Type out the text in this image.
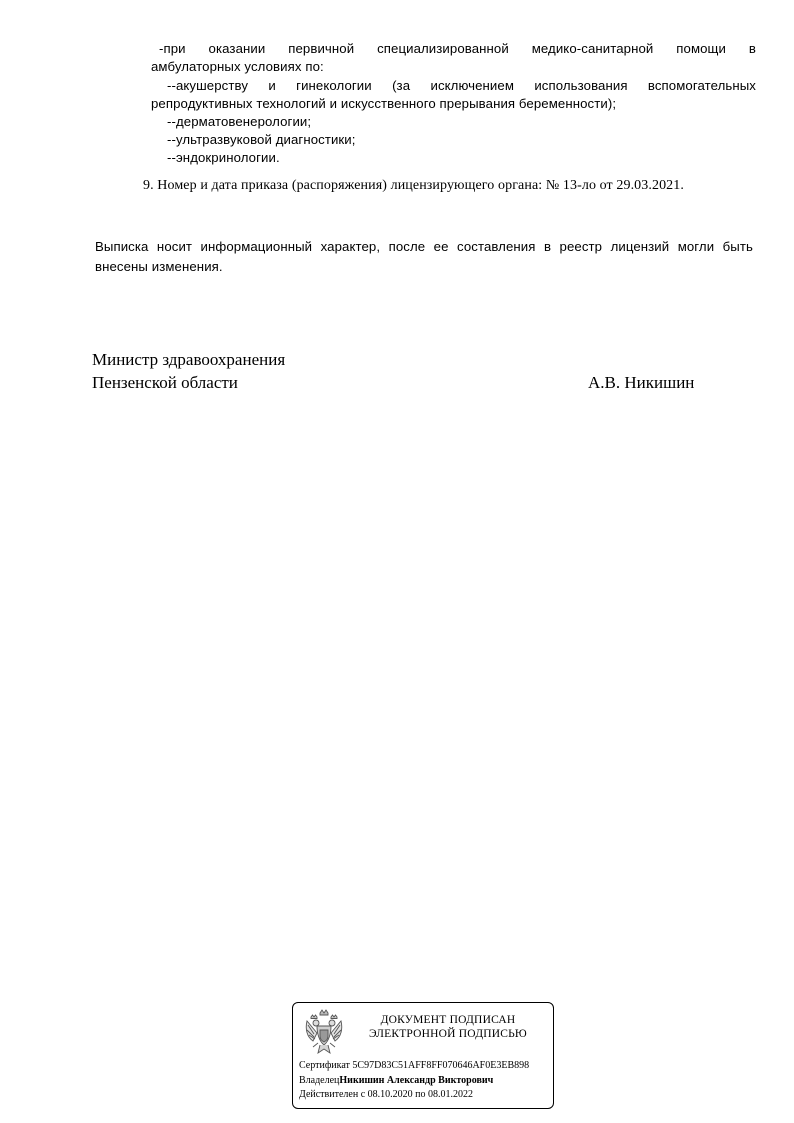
-при оказании первичной специализированной медико-санитарной помощи в
амбулаторных условиях по:
--акушерству и гинекологии (за исключением использования вспомогательных
репродуктивных технологий и искусственного прерывания беременности);
--дерматовенерологии;
--ультразвуковой диагностики;
--эндокринологии.
9. Номер и дата приказа (распоряжения) лицензирующего органа: № 13-ло от 29.03.2021.
Выписка носит информационный характер, после ее составления в реестр лицензий могли быть
внесены изменения.
Министр здравоохранения
Пензенской области	А.В. Никишин
ДОКУМЕНТ ПОДПИСАН
ЭЛЕКТРОННОЙ ПОДПИСЬЮ
Сертификат 5C97D83C51AFF8FF070646AF0E3EB898
ВладелецНикишин Александр Викторович
Действителен с 08.10.2020 по 08.01.2022
